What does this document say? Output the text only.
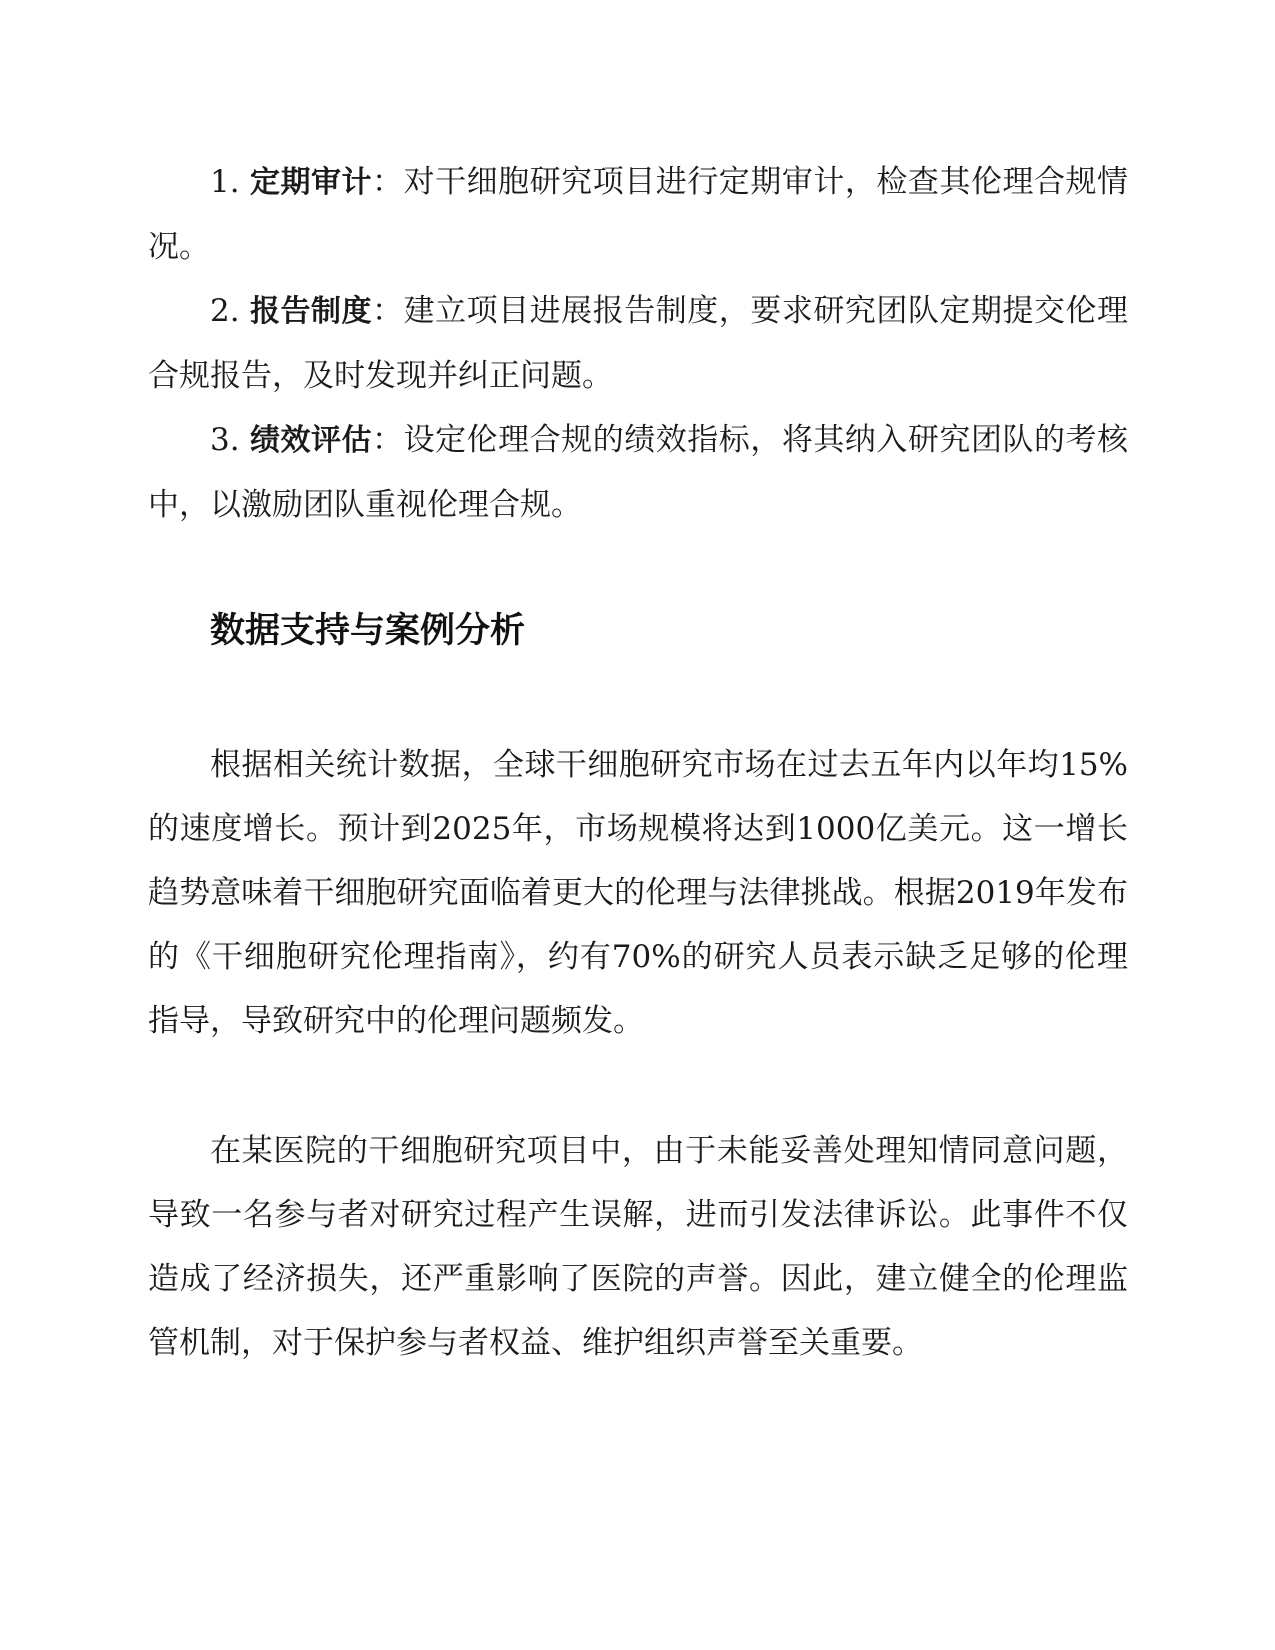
1. 定期审计：对干细胞研究项目进行定期审计，检查其伦理合规情况。

2. 报告制度：建立项目进展报告制度，要求研究团队定期提交伦理合规报告，及时发现并纠正问题。

3. 绩效评估：设定伦理合规的绩效指标，将其纳入研究团队的考核中，以激励团队重视伦理合规。

数据支持与案例分析

根据相关统计数据，全球干细胞研究市场在过去五年内以年均15%的速度增长。预计到2025年，市场规模将达到1000亿美元。这一增长趋势意味着干细胞研究面临着更大的伦理与法律挑战。根据2019年发布的《干细胞研究伦理指南》，约有70%的研究人员表示缺乏足够的伦理指导，导致研究中的伦理问题频发。

在某医院的干细胞研究项目中，由于未能妥善处理知情同意问题，导致一名参与者对研究过程产生误解，进而引发法律诉讼。此事件不仅造成了经济损失，还严重影响了医院的声誉。因此，建立健全的伦理监管机制，对于保护参与者权益、维护组织声誉至关重要。
